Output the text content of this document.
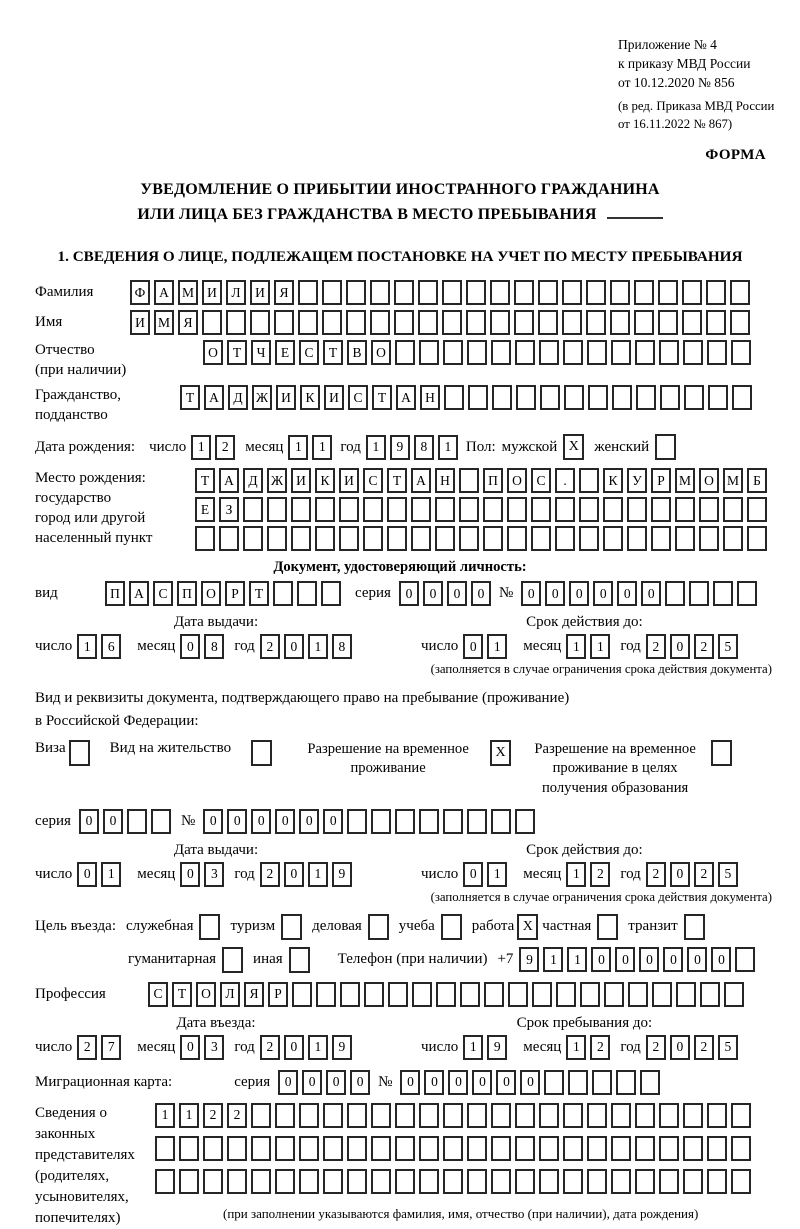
Приложение № 4
к приказу МВД России
от 10.12.2020 № 856
(в ред. Приказа МВД России
от 16.11.2022 № 867)
ФОРМА
УВЕДОМЛЕНИЕ О ПРИБЫТИИ ИНОСТРАННОГО ГРАЖДАНИНА
ИЛИ ЛИЦА БЕЗ ГРАЖДАНСТВА В МЕСТО ПРЕБЫВАНИЯ
1. СВЕДЕНИЯ О ЛИЦЕ, ПОДЛЕЖАЩЕМ ПОСТАНОВКЕ НА УЧЕТ ПО МЕСТУ ПРЕБЫВАНИЯ
Фамилия	Ф	А М И	Л	И	Я
Имя	И М Я
Отчество
(при наличии)
О	Т	Ч	Е	С	Т	В	О
Гражданство,
подданство
Т	А	Д Ж И	К	И	С	Т	А	Н
Дата рождения: число 1	2	месяц 1	1 год 1	9	8	1 Пол: мужской X	женский
Место рождения:
государство
город или другой
населенный пункт
Т	А	Д Ж И	К	И	С	Т	А	Н	П	О	С	.	К	У	Р	М О М	Б
Е	З
Документ, удостоверяющий личность:
вид	П	А	С	П	О	Р	Т	серия	0	0	0	0 №	0	0	0	0	0	0
Дата выдачи:
число 1	6	месяц 0	8	год 2	0	1	8
Срок действия до:
число 0	1	месяц 1	1	год 2	0	2	5
(заполняется в случае ограничения срока действия документа)
Вид и реквизиты документа, подтверждающего право на пребывание (проживание)
в Российской Федерации:
Виза	Вид на жительство	Разрешение на временное проживание
X	Разрешение на временное проживание в целях получения образования
серия	0	0	№	0	0	0	0	0	0
Дата выдачи:
число 0	1	месяц 0	3	год 2	0	1	9
Срок действия до:
число 0	1	месяц 1	2	год 2	0	2	5
(заполняется в случае ограничения срока действия документа)
Цель въезда: служебная туризм деловая учеба работа X частная транзит
гуманитарная иная	Телефон (при наличии) +7 9	1	1	0	0	0	0	0	0
Профессия	С	Т	О	Л	Я	Р
Дата въезда:
число 2	7	месяц 0	3	год 2	0	1	9
Срок пребывания до:
число 1	9	месяц 1	2	год 2	0	2	5
Миграционная карта:	серия	0	0	0	0 №	0	0	0	0	0	0
Сведения о
законных
представителях
(родителях,
усыновителях,
попечителях)
1	1	2	2
(при заполнении указываются фамилия, имя, отчество (при наличии), дата рождения)
